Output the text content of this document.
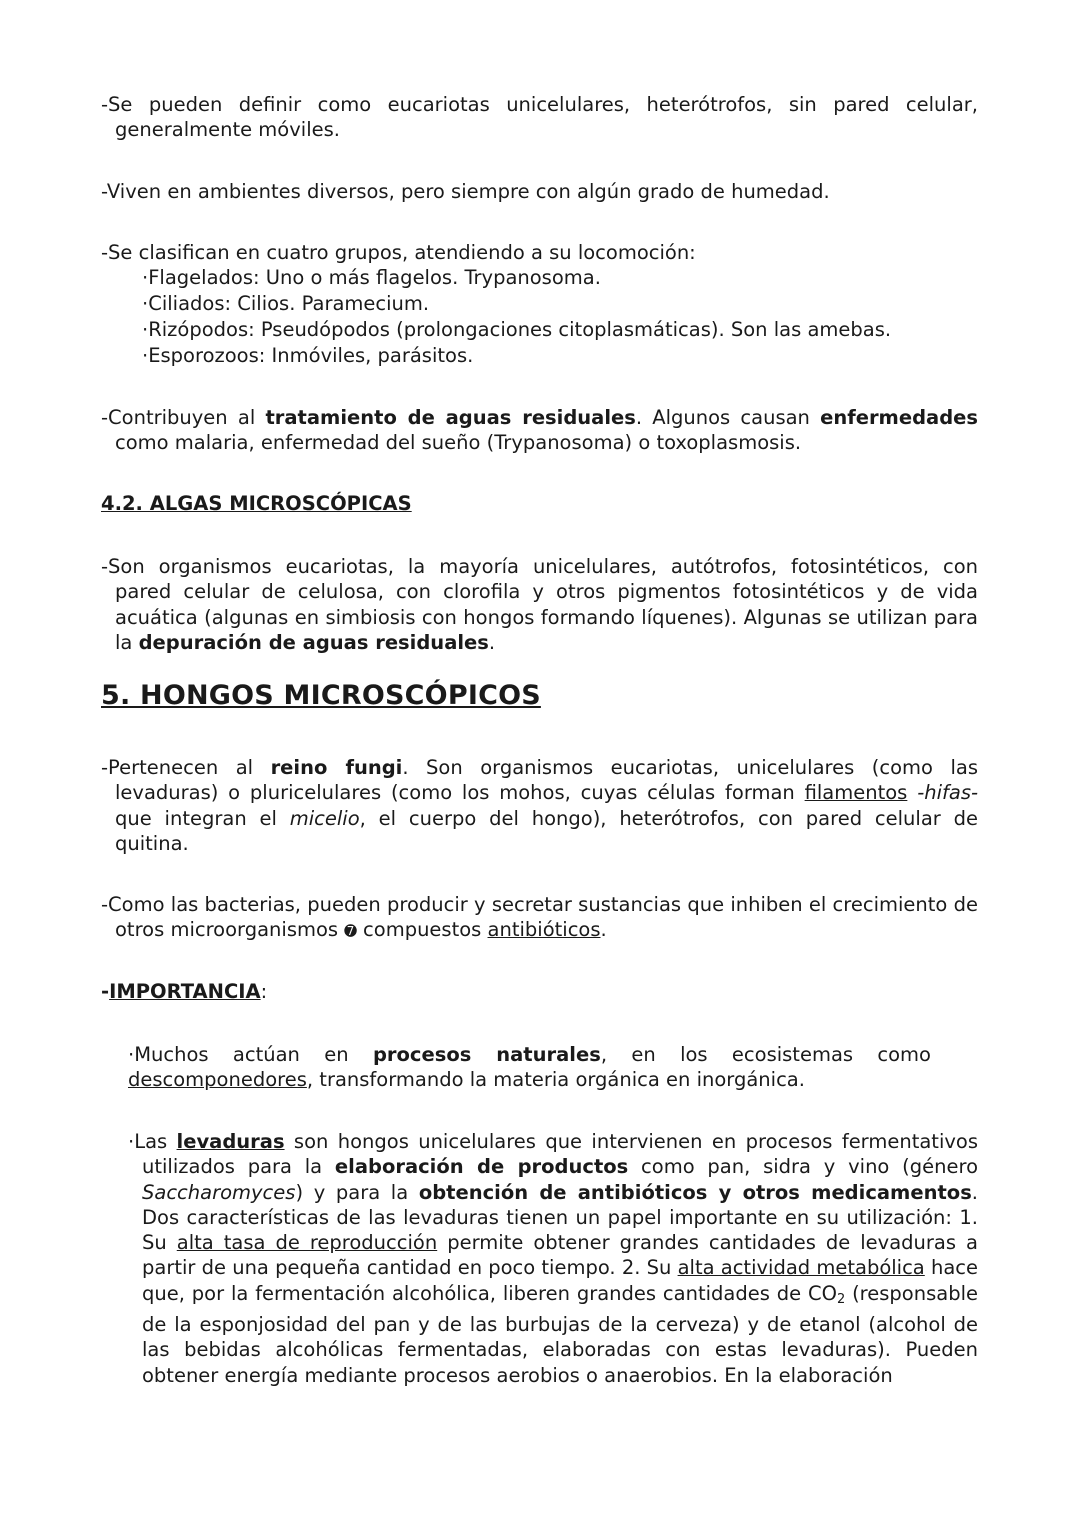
-Se pueden definir como eucariotas unicelulares, heterótrofos, sin pared celular, generalmente móviles.

-Viven en ambientes diversos, pero siempre con algún grado de humedad.

-Se clasifican en cuatro grupos, atendiendo a su locomoción:

·Flagelados: Uno o más flagelos. Trypanosoma.
·Ciliados: Cilios. Paramecium.
·Rizópodos: Pseudópodos (prolongaciones citoplasmáticas). Son las amebas.
·Esporozoos: Inmóviles, parásitos.

-Contribuyen al tratamiento de aguas residuales. Algunos causan enfermedades como malaria, enfermedad del sueño (Trypanosoma) o toxoplasmosis.

4.2. ALGAS MICROSCÓPICAS

-Son organismos eucariotas, la mayoría unicelulares, autótrofos, fotosintéticos, con pared celular de celulosa, con clorofila y otros pigmentos fotosintéticos y de vida acuática (algunas en simbiosis con hongos formando líquenes). Algunas se utilizan para la depuración de aguas residuales.

5. HONGOS MICROSCÓPICOS

-Pertenecen al reino fungi. Son organismos eucariotas, unicelulares (como las levaduras) o pluricelulares (como los mohos, cuyas células forman filamentos -hifas- que integran el micelio, el cuerpo del hongo), heterótrofos, con pared celular de quitina.

-Como las bacterias, pueden producir y secretar sustancias que inhiben el crecimiento de otros microorganismos ➐ compuestos antibióticos.

-IMPORTANCIA:

·Muchos actúan en procesos naturales, en los ecosistemas como descomponedores, transformando la materia orgánica en inorgánica.

·Las levaduras son hongos unicelulares que intervienen en procesos fermentativos utilizados para la elaboración de productos como pan, sidra y vino (género Saccharomyces) y para la obtención de antibióticos y otros medicamentos. Dos características de las levaduras tienen un papel importante en su utilización: 1. Su alta tasa de reproducción permite obtener grandes cantidades de levaduras a partir de una pequeña cantidad en poco tiempo. 2. Su alta actividad metabólica hace que, por la fermentación alcohólica, liberen grandes cantidades de $CO_2$ (responsable de la esponjosidad del pan y de las burbujas de la cerveza) y de etanol (alcohol de las bebidas alcohólicas fermentadas, elaboradas con estas levaduras). Pueden obtener energía mediante procesos aerobios o anaerobios. En la elaboración
